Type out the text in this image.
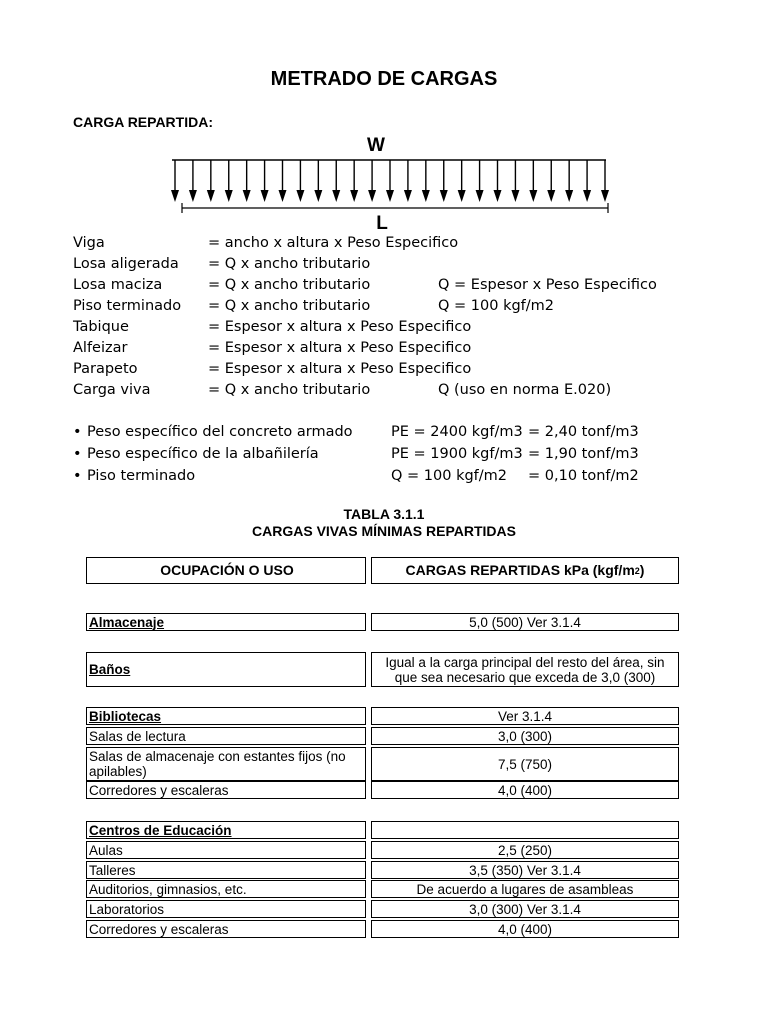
METRADO DE CARGAS
CARGA REPARTIDA:
W
L
Viga	= ancho x altura x Peso Especifico
Losa aligerada = Q x ancho tributario
Losa maciza	= Q x ancho tributario	Q = Espesor x Peso Especifico
Piso terminado = Q x ancho tributario	Q = 100 kgf/m2
Tabique	= Espesor x altura x Peso Especifico
Alfeizar	= Espesor x altura x Peso Especifico
Parapeto	= Espesor x altura x Peso Especifico
Carga viva	= Q x ancho tributario	Q (uso en norma E.020)
• Peso específico del concreto armado	PE = 2400 kgf/m3 = 2,40 tonf/m3
• Peso específico de la albañilería	PE = 1900 kgf/m3 = 1,90 tonf/m3
• Piso terminado	Q = 100 kgf/m2 = 0,10 tonf/m2
TABLA 3.1.1
CARGAS VIVAS MÍNIMAS REPARTIDAS
OCUPACIÓN O USO	CARGAS REPARTIDAS kPa (kgf/m 2 )
Almacenaje	5,0 (500) Ver 3.1.4
Baños	Igual a la carga principal del resto del área, sin que sea necesario que exceda de 3,0 (300)
Bibliotecas	Ver 3.1.4
Salas de lectura	3,0 (300)
Salas de almacenaje con estantes fijos (no apilables)	7,5 (750)
Corredores y escaleras	4,0 (400)
Centros de Educación
Aulas	2,5 (250)
Talleres	3,5 (350) Ver 3.1.4
Auditorios, gimnasios, etc.	De acuerdo a lugares de asambleas
Laboratorios	3,0 (300) Ver 3.1.4
Corredores y escaleras	4,0 (400)
